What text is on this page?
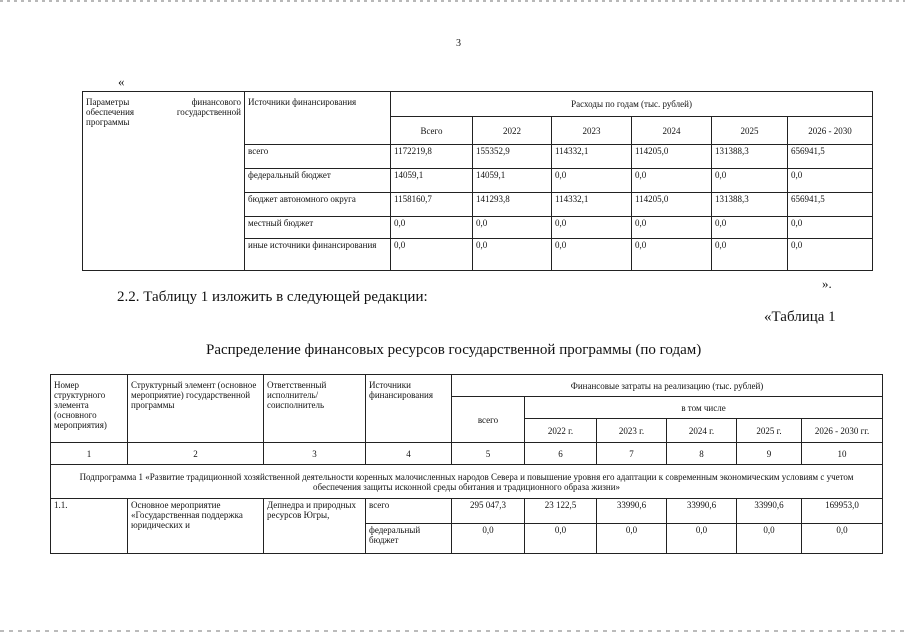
3
«
Параметры финансового
обеспечения государственной
программы	Источники финансирования	Расходы по годам (тыс. рублей)					
		Всего	2022	2023	2024	2025	2026 - 2030
	всего	1172219,8	155352,9	114332,1	114205,0	131388,3	656941,5
	федеральный бюджет	14059,1	14059,1	0,0	0,0	0,0	0,0
	бюджет автономного округа	1158160,7	141293,8	114332,1	114205,0	131388,3	656941,5
	местный бюджет	0,0	0,0	0,0	0,0	0,0	0,0
	иные источники финансирования	0,0	0,0	0,0	0,0	0,0	0,0
».
2.2. Таблицу 1 изложить в следующей редакции:
«Таблица 1
Распределение финансовых ресурсов государственной программы (по годам)
Номер структурного элемента (основного мероприятия)	Структурный элемент (основное мероприятие) государственной программы	Ответственный исполнитель/соисполнитель	Источники финансирования	Финансовые затраты на реализацию (тыс. рублей)					
				всего	в том числе				
					2022 г.	2023 г.	2024 г.	2025 г.	2026 - 2030 гг.
1	2	3	4	5	6	7	8	9	10
Подпрограмма 1 «Развитие традиционной хозяйственной деятельности коренных малочисленных народов Севера и повышение уровня его адаптации к современным экономическим условиям с учетом обеспечения защиты исконной среды обитания и традиционного образа жизни»									
1.1.	Основное мероприятие «Государственная поддержка юридических и	Депнедра и природных ресурсов Югры,	всего	295 047,3	23 122,5	33990,6	33990,6	33990,6	169953,0
			федеральный бюджет	0,0	0,0	0,0	0,0	0,0	0,0
